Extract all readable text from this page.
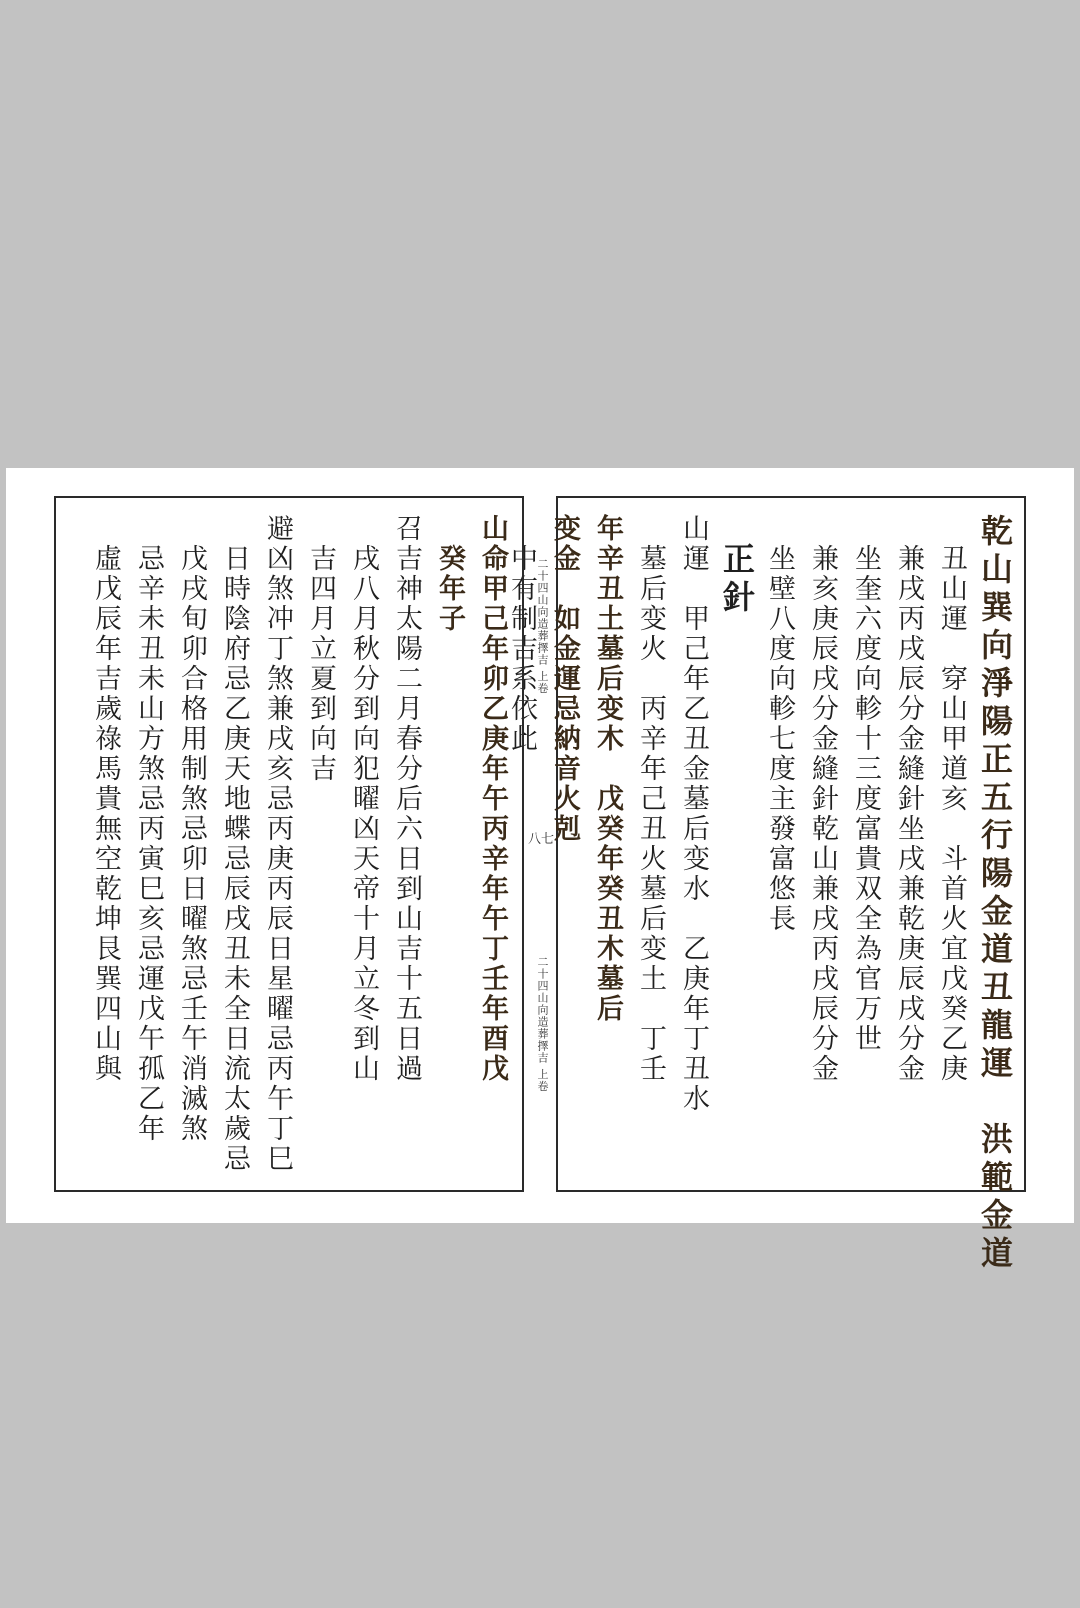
乾山巽向淨陽正五行陽金道丑龍運　洪範金道
　丑山運　穿山甲道亥　斗首火宜戊癸乙庚
　兼戌丙戌辰分金縫針坐戌兼乾庚辰戌分金
　坐奎六度向軫十三度富貴双全為官万世
　兼亥庚辰戌分金縫針乾山兼戌丙戌辰分金
　坐壁八度向軫七度主發富悠長
正針
山運　甲己年乙丑金墓后变水　乙庚年丁丑水
　墓后变火　丙辛年己丑火墓后变土　丁壬
年辛丑土墓后变木　戊癸年癸丑木墓后
变金　如金運忌納音火剋
　中有制吉系依此 二十四山向造葬擇吉 上卷
八七
二十四山向造葬擇吉 上卷
山命甲己年卯乙庚年午丙辛年午丁壬年酉戊
　癸年子
召吉神太陽二月春分后六日到山吉十五日過
　戌八月秋分到向犯曜凶天帝十月立冬到山
　吉四月立夏到向吉
避凶煞冲丁煞兼戌亥忌丙庚丙辰日星曜忌丙午丁巳
　日時陰府忌乙庚天地蝶忌辰戌丑未全日流太歲忌
　戊戌旬卯合格用制煞忌卯日曜煞忌壬午消滅煞
　忌辛未丑未山方煞忌丙寅巳亥忌運戊午孤乙年
　虛戊辰年吉歲祿馬貴無空乾坤艮巽四山與
